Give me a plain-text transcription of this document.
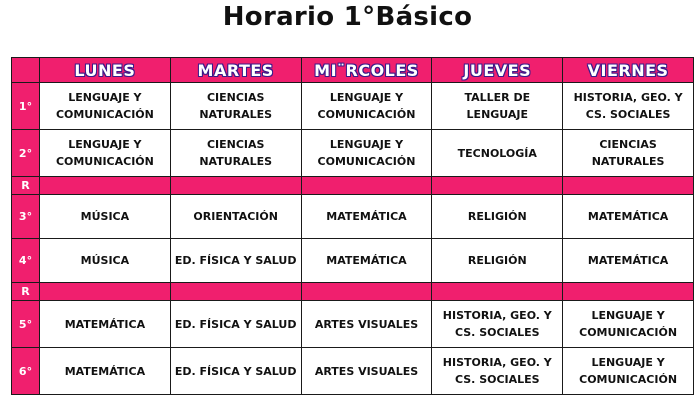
Horario 1°Básico
	LUNES	MARTES	MI¨RCOLES	JUEVES	VIERNES
1°	LENGUAJE Y COMUNICACIÓN	CIENCIAS NATURALES	LENGUAJE Y COMUNICACIÓN	TALLER DE LENGUAJE	HISTORIA, GEO. Y CS. SOCIALES
2°	LENGUAJE Y COMUNICACIÓN	CIENCIAS NATURALES	LENGUAJE Y COMUNICACIÓN	TECNOLOGÍA	CIENCIAS NATURALES
R					
3°	MÚSICA	ORIENTACIÓN	MATEMÁTICA	RELIGIÓN	MATEMÁTICA
4°	MÚSICA	ED. FÍSICA Y SALUD	MATEMÁTICA	RELIGIÓN	MATEMÁTICA
R					
5°	MATEMÁTICA	ED. FÍSICA Y SALUD	ARTES VISUALES	HISTORIA, GEO. Y CS. SOCIALES	LENGUAJE Y COMUNICACIÓN
6°	MATEMÁTICA	ED. FÍSICA Y SALUD	ARTES VISUALES	HISTORIA, GEO. Y CS. SOCIALES	LENGUAJE Y COMUNICACIÓN
